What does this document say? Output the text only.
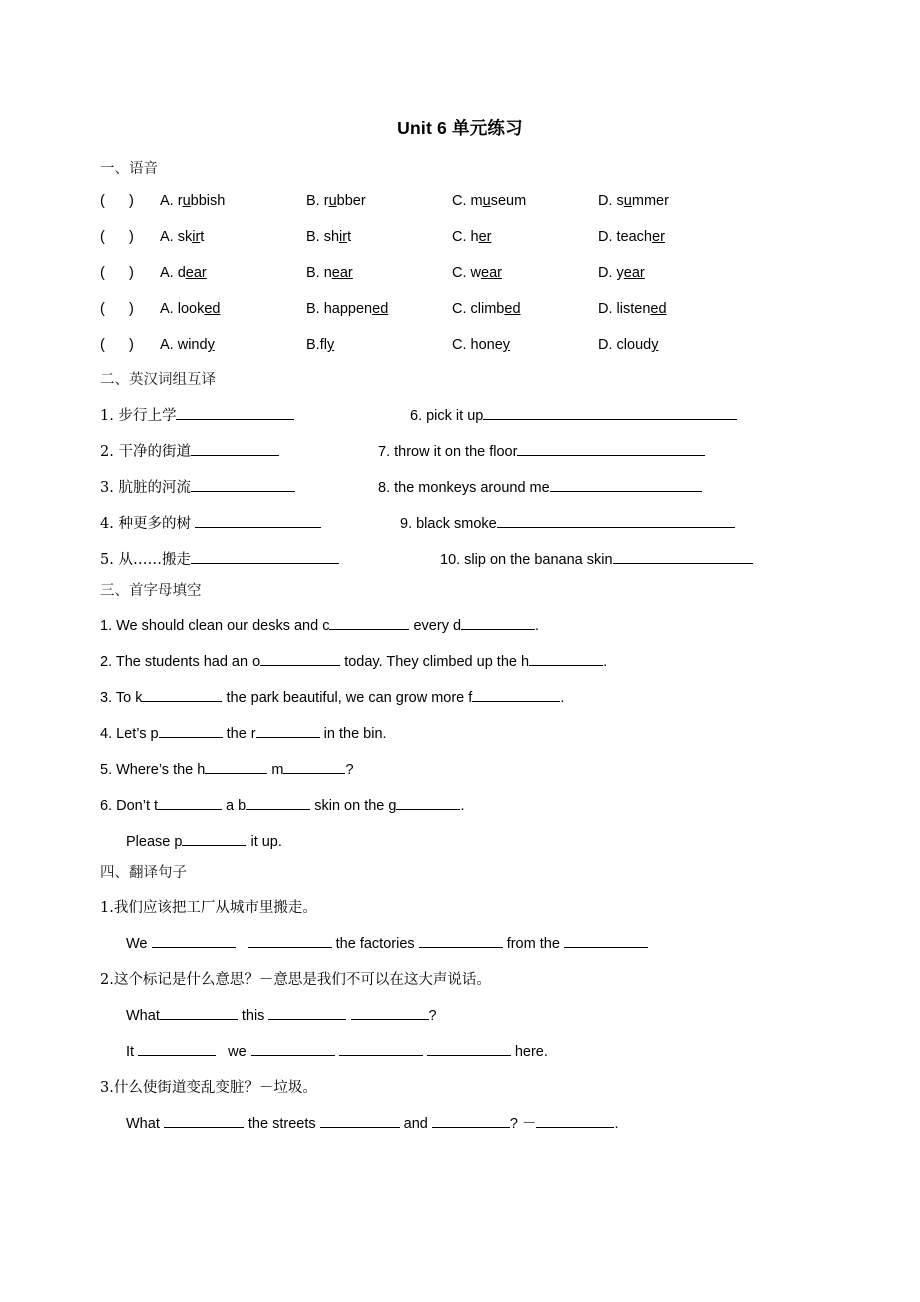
Unit 6 单元练习
一、语音
(      )	A. rubbish	B. rubber	C. museum	D. summer
(      )	A. skirt	B. shirt	C. her	D. teacher
(      )	A. dear	B. near	C. wear	D. year
(      )	A. looked	B. happened	C. climbed	D. listened
(      )	A. windy	B.fly	C. honey	D. cloudy
二、英汉词组互译
1. 步行上学	6. pick it up
2. 干净的街道	7. throw it on the floor
3. 肮脏的河流	8. the monkeys around me
4. 种更多的树	9. black smoke
5. 从……搬走	10. slip on the banana skin
三、首字母填空
1. We should clean our desks and c	every d	.
2. The students had an o	today. They climbed up the h	.
3. To k	the park beautiful, we can grow more f	.
4. Let’s p	the r	in the bin.
5. Where’s the h	m	?
6. Don’t t	a b	skin on the g	.
Please p	it up.
四、翻译句子
1.我们应该把工厂从城市里搬走。
We	the factories	from the
2.这个标记是什么意思？－意思是我们不可以在这大声说话。
What	this	?
It	we	here.
3.什么使街道变乱变脏？－垃圾。
What	the streets	and	? －	.
